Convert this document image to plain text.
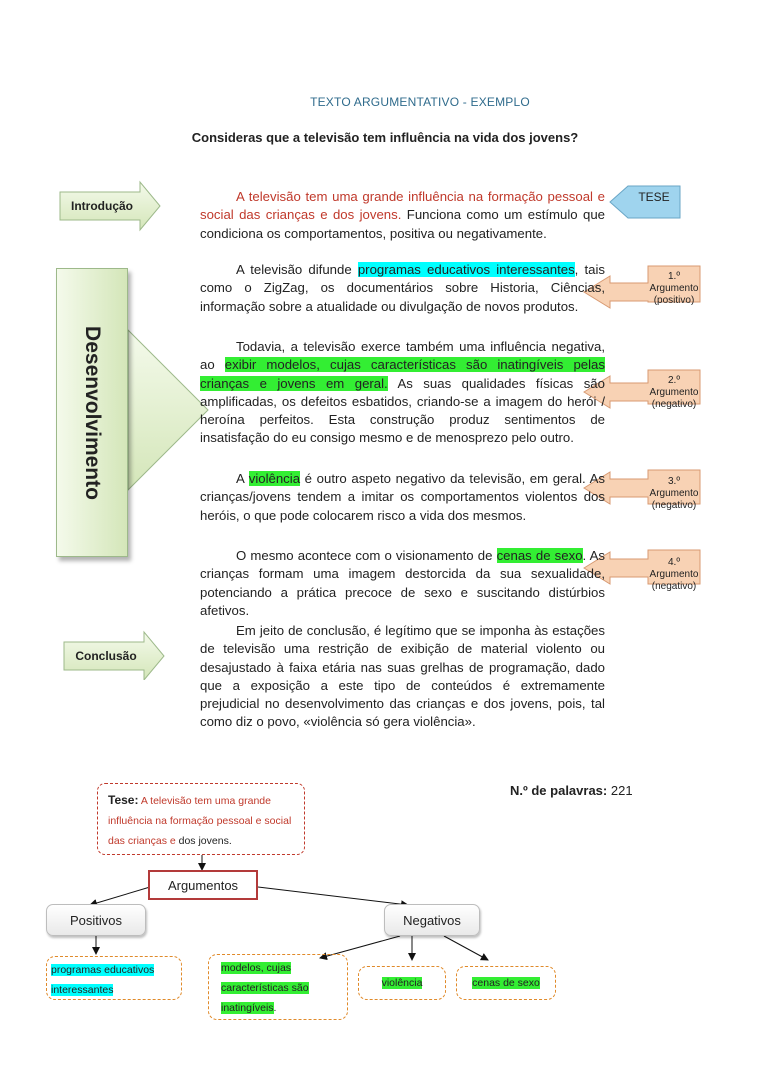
TEXTO ARGUMENTATIVO - EXEMPLO
Consideras que a televisão tem influência na vida dos jovens?
Introdução
Desenvolvimento
Conclusão
TESE
1.º Argumento
(positivo)
2.º Argumento
(negativo)
3.º Argumento
(negativo)
4.º Argumento
(negativo)
A televisão tem uma grande influência na formação pessoal e social das crianças e dos jovens. Funciona como um estímulo que condiciona os comportamentos, positiva ou negativamente.
A televisão difunde programas educativos interessantes, tais como o ZigZag, os documentários sobre Historia, Ciências, informação sobre a atualidade ou divulgação de novos produtos.
Todavia, a televisão exerce também uma influência negativa, ao exibir modelos, cujas características são inatingíveis pelas crianças e jovens em geral. As suas qualidades físicas são amplificadas, os defeitos esbatidos, criando-se a imagem do herói / heroína perfeitos. Esta construção produz sentimentos de insatisfação do eu consigo mesmo e de menosprezo pelo outro.
A violência é outro aspeto negativo da televisão, em geral. As crianças/jovens tendem a imitar os comportamentos violentos dos heróis, o que pode colocarem risco a vida dos mesmos.
O mesmo acontece com o visionamento de cenas de sexo. As crianças formam uma imagem destorcida da sua sexualidade, potenciando a prática precoce de sexo e suscitando distúrbios afetivos.
Em jeito de conclusão, é legítimo que se imponha às estações de televisão uma restrição de exibição de material violento ou desajustado à faixa etária nas suas grelhas de programação, dado que a exposição a este tipo de conteúdos é extremamente prejudicial no desenvolvimento das crianças e dos jovens, pois, tal como diz o povo, «violência só gera violência».
N.º de palavras: 221
Tese: A televisão tem uma grande influência na formação pessoal e social das crianças e dos jovens.
Argumentos
Positivos	Negativos
programas educativos interessantes
modelos, cujas características são inatingíveis.
violência	cenas de sexo
